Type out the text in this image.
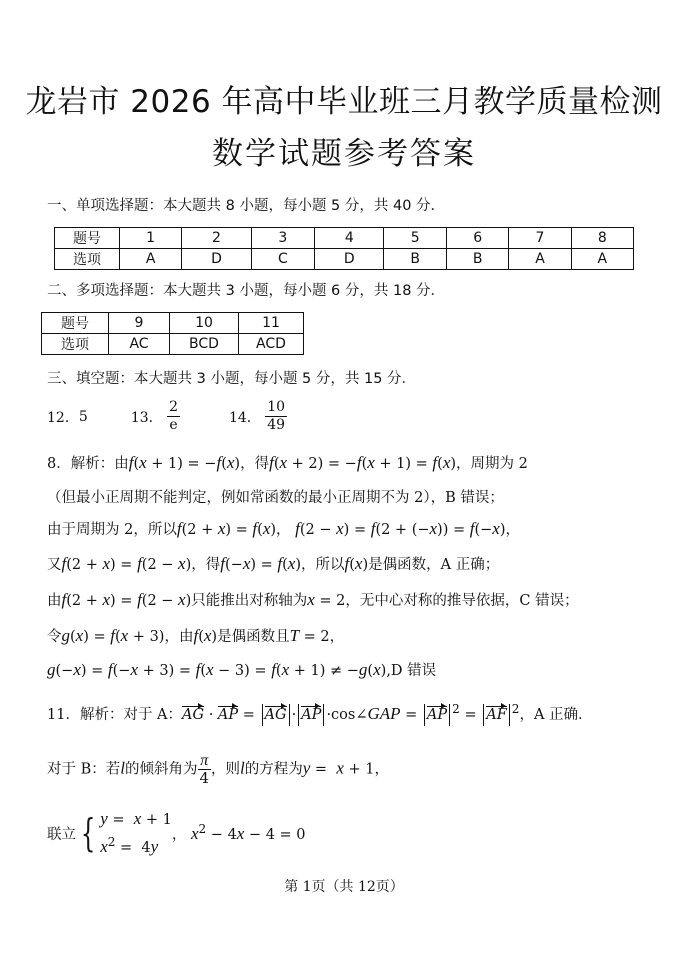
龙岩市 2026 年高中毕业班三月教学质量检测
数学试题参考答案
一、单项选择题：本大题共 8 小题，每小题 5 分，共 40 分．
题号	1	2	3	4	5	6	7	8
选项	A	D	C	D	B	B	A	A
二、多项选择题：本大题共 3 小题，每小题 6 分，共 18 分．
题号	9	10	11
选项	AC	BCD	ACD
三、填空题：本大题共 3 小题，每小题 5 分，共 15 分．
12．5	13． $\frac{2}{e}$	14． $\frac{10}{49}$
8．解析：由f(x + 1) = −f(x)，得f(x + 2) = −f(x + 1) = f(x)，周期为 2
（但最小正周期不能判定，例如常函数的最小正周期不为 2），B 错误；
由于周期为 2，所以f(2 + x) = f(x)， f(2 − x) = f(2 + (−x)) = f(−x)，
又f(2 + x) = f(2 − x)，得f(−x) = f(x)，所以f(x)是偶函数，A 正确；
由f(2 + x) = f(2 − x)只能推出对称轴为x = 2，无中心对称的推导依据，C 错误；
令g(x) = f(x + 3)，由f(x)是偶函数且T = 2，
g(−x) = f(−x + 3) = f(x − 3) = f(x + 1) ≠ −g(x),D 错误
11．解析：对于 A：AG · AP = AG · AP ·cos∠GAP = AP $^2$ = AF $^2$，A 正确．
对于 B：若l的倾斜角为 $\frac{\pi}{4}$ ，则l的方程为y =  x + 1，
联立 { y =  x + 1
$x^2 = 4y$
， $x^2 - 4x - 4 = 0$
第 1页（共 12页）
